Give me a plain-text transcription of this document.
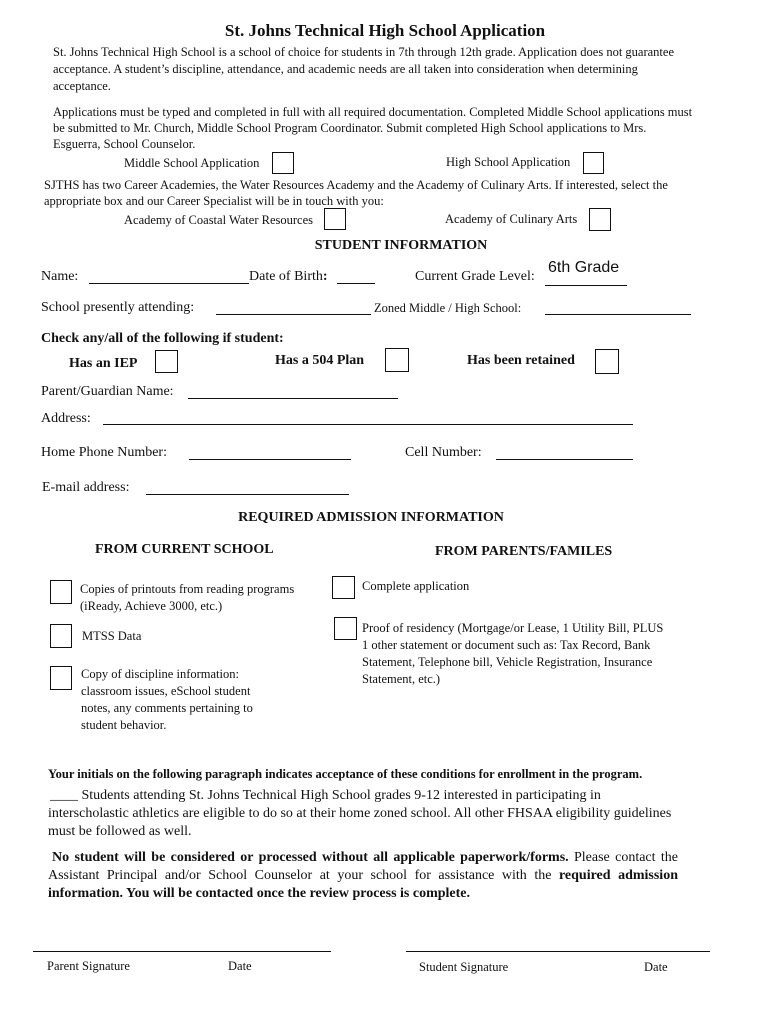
St. Johns Technical High School Application
St. Johns Technical High School is a school of choice for students in 7th through 12th grade. Application does not guarantee acceptance. A student’s discipline, attendance, and academic needs are all taken into consideration when determining acceptance.
Applications must be typed and completed in full with all required documentation. Completed Middle School applications must be submitted to Mr. Church, Middle School Program Coordinator. Submit completed High School applications to Mrs. Esguerra, School Counselor.
Middle School Application	High School Application
SJTHS has two Career Academies, the Water Resources Academy and the Academy of Culinary Arts. If interested, select the appropriate box and our Career Specialist will be in touch with you:
Academy of Coastal Water Resources	Academy of Culinary Arts
STUDENT INFORMATION
Name:	Date of Birth:	Current Grade Level:
6th Grade
School presently attending:	Zoned Middle / High School:
Check any/all of the following if student:
Has an IEP	Has a 504 Plan	Has been retained
Parent/Guardian Name:
Address:
Home Phone Number:	Cell Number:
E-mail address:
REQUIRED ADMISSION INFORMATION
FROM CURRENT SCHOOL	FROM PARENTS/FAMILES
Copies of printouts from reading programs (iReady, Achieve 3000, etc.)
MTSS Data
Copy of discipline information: classroom issues, eSchool student notes, any comments pertaining to student behavior.
Complete application
Proof of residency (Mortgage/or Lease, 1 Utility Bill, PLUS 1 other statement or document such as: Tax Record, Bank Statement, Telephone bill, Vehicle Registration, Insurance Statement, etc.)
Your initials on the following paragraph indicates acceptance of these conditions for enrollment in the program.
____ Students attending St. Johns Technical High School grades 9-12 interested in participating in interscholastic athletics are eligible to do so at their home zoned school. All other FHSAA eligibility guidelines must be followed as well.
No student will be considered or processed without all applicable paperwork/forms. Please contact the Assistant Principal and/or School Counselor at your school for assistance with the required admission information. You will be contacted once the review process is complete.
Parent Signature	Date	Student Signature	Date
